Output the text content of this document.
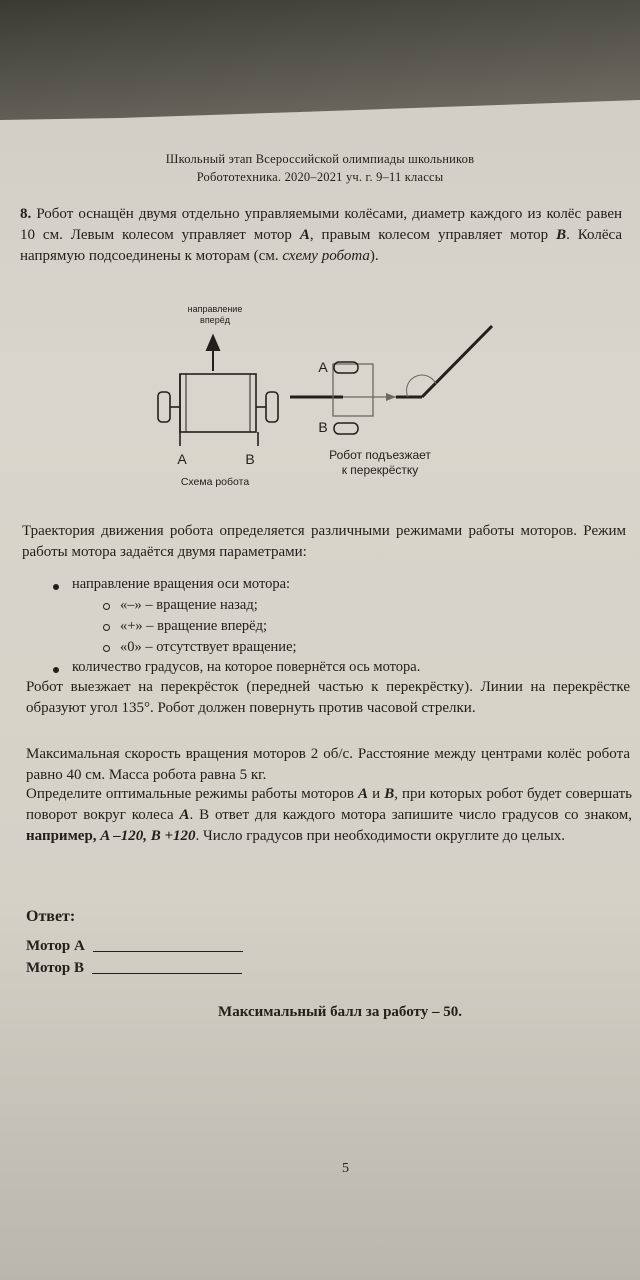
Школьный этап Всероссийской олимпиады школьников
Робототехника. 2020–2021 уч. г. 9–11 классы
8. Робот оснащён двумя отдельно управляемыми колёсами, диаметр каждого из колёс равен 10 см. Левым колесом управляет мотор A, правым колесом управляет мотор B. Колёса напрямую подсоединены к моторам (см. схему робота).
направление
вперёд
A	B
Схема робота
A
B
Робот подъезжает
к перекрёстку
Траектория движения робота определяется различными режимами работы моторов. Режим работы мотора задаётся двумя параметрами:
направление вращения оси мотора:
«–» – вращение назад;
«+» – вращение вперёд;
«0» – отсутствует вращение;
количество градусов, на которое повернётся ось мотора.
Робот выезжает на перекрёсток (передней частью к перекрёстку). Линии на перекрёстке образуют угол 135°. Робот должен повернуть против часовой стрелки.
Максимальная скорость вращения моторов 2 об/с. Расстояние между центрами колёс робота равно 40 см. Масса робота равна 5 кг.
Определите оптимальные режимы работы моторов A и B, при которых робот будет совершать поворот вокруг колеса A. В ответ для каждого мотора запишите число градусов со знаком, например, A –120, B +120. Число градусов при необходимости округлите до целых.
Ответ:
Мотор A
Мотор B
Максимальный балл за работу – 50.
5
